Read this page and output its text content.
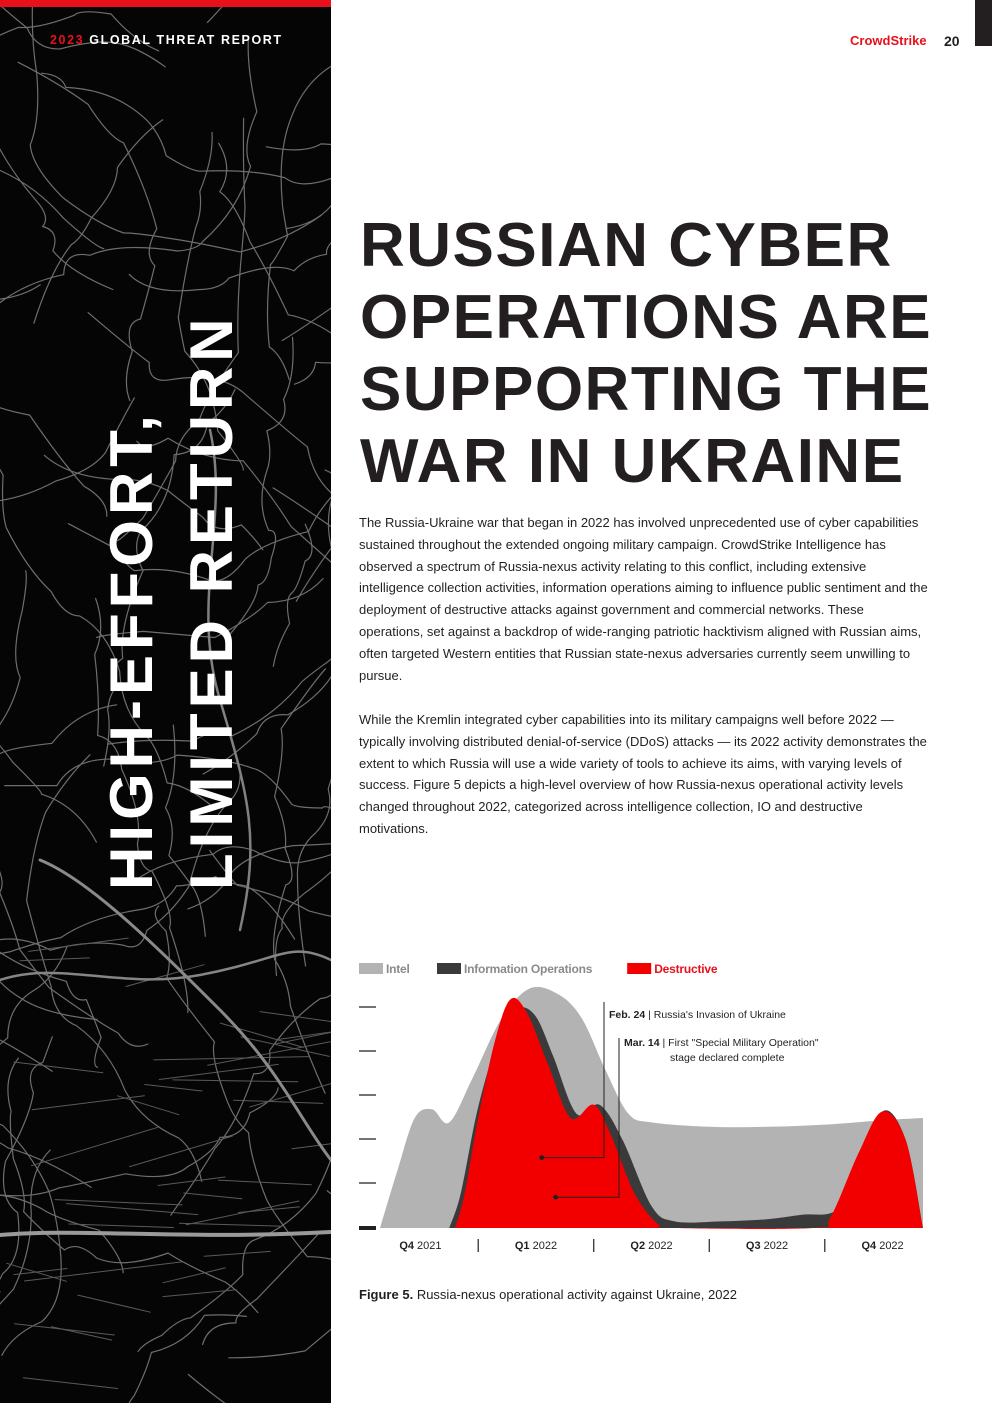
2023 GLOBAL THREAT REPORT
HIGH-EFFORT, LIMITED RETURN
CrowdStrike 20
RUSSIAN CYBER
OPERATIONS ARE
SUPPORTING THE
WAR IN UKRAINE

The Russia-Ukraine war that began in 2022 has involved unprecedented use of cyber capabilities sustained throughout the extended ongoing military campaign. CrowdStrike Intelligence has observed a spectrum of Russia-nexus activity relating to this conflict, including extensive intelligence collection activities, information operations aiming to influence public sentiment and the deployment of destructive attacks against government and commercial networks. These operations, set against a backdrop of wide-ranging patriotic hacktivism aligned with Russian aims, often targeted Western entities that Russian state-nexus adversaries currently seem unwilling to pursue.

While the Kremlin integrated cyber capabilities into its military campaigns well before 2022 — typically involving distributed denial-of-service (DDoS) attacks — its 2022 activity demonstrates the extent to which Russia will use a wide variety of tools to achieve its aims, with varying levels of success. Figure 5 depicts a high-level overview of how Russia-nexus operational activity levels changed throughout 2022, categorized across intelligence collection, IO and destructive motivations.

Intel	Information Operations	Destructive
Feb. 24 | Russia's Invasion of Ukraine
Mar. 14 | First "Special Military Operation"
stage declared complete
Q4 2021	Q1 2022	Q2 2022	Q3 2022	Q4 2022
Figure 5. Russia-nexus operational activity against Ukraine, 2022
